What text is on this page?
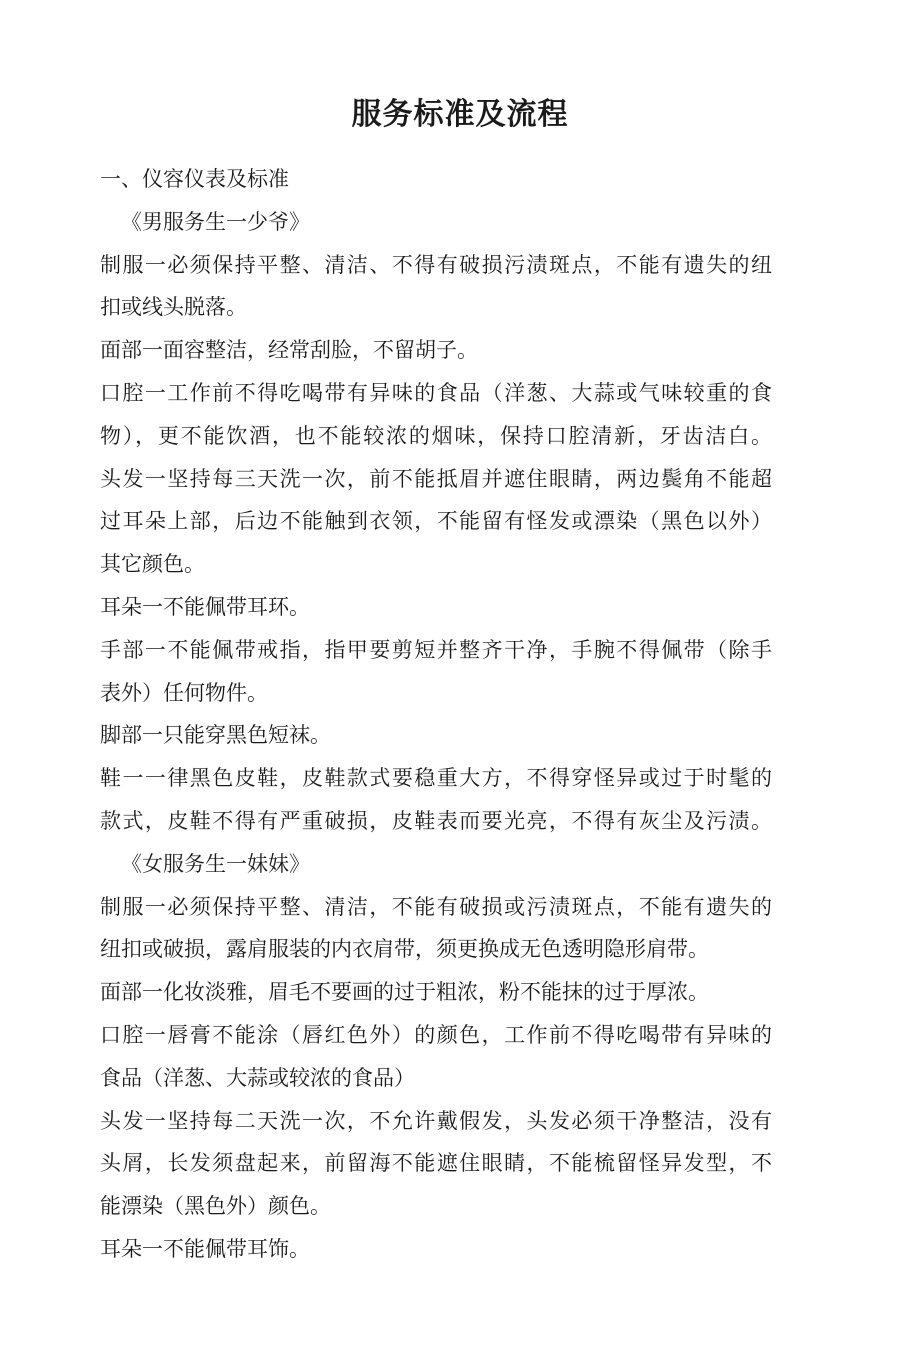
服务标准及流程
一、仪容仪表及标准
《男服务生一少爷》
制服一必须保持平整、清洁、不得有破损污渍斑点，不能有遗失的纽
扣或线头脱落。
面部一面容整洁，经常刮脸，不留胡子。
口腔一工作前不得吃喝带有异味的食品（洋葱、大蒜或气味较重的食
物），更不能饮酒，也不能较浓的烟味，保持口腔清新，牙齿洁白。
头发一坚持每三天洗一次，前不能抵眉并遮住眼睛，两边鬓角不能超
过耳朵上部，后边不能触到衣领，不能留有怪发或漂染（黑色以外）
其它颜色。
耳朵一不能佩带耳环。
手部一不能佩带戒指，指甲要剪短并整齐干净，手腕不得佩带（除手
表外）任何物件。
脚部一只能穿黑色短袜。
鞋一一律黑色皮鞋，皮鞋款式要稳重大方，不得穿怪异或过于时髦的
款式，皮鞋不得有严重破损，皮鞋表而要光亮，不得有灰尘及污渍。
《女服务生一妹妹》
制服一必须保持平整、清洁，不能有破损或污渍斑点，不能有遗失的
纽扣或破损，露肩服装的内衣肩带，须更换成无色透明隐形肩带。
面部一化妆淡雅，眉毛不要画的过于粗浓，粉不能抹的过于厚浓。
口腔一唇膏不能涂（唇红色外）的颜色，工作前不得吃喝带有异味的
食品（洋葱、大蒜或较浓的食品）
头发一坚持每二天洗一次，不允许戴假发，头发必须干净整洁，没有
头屑，长发须盘起来，前留海不能遮住眼睛，不能梳留怪异发型，不
能漂染（黑色外）颜色。
耳朵一不能佩带耳饰。
